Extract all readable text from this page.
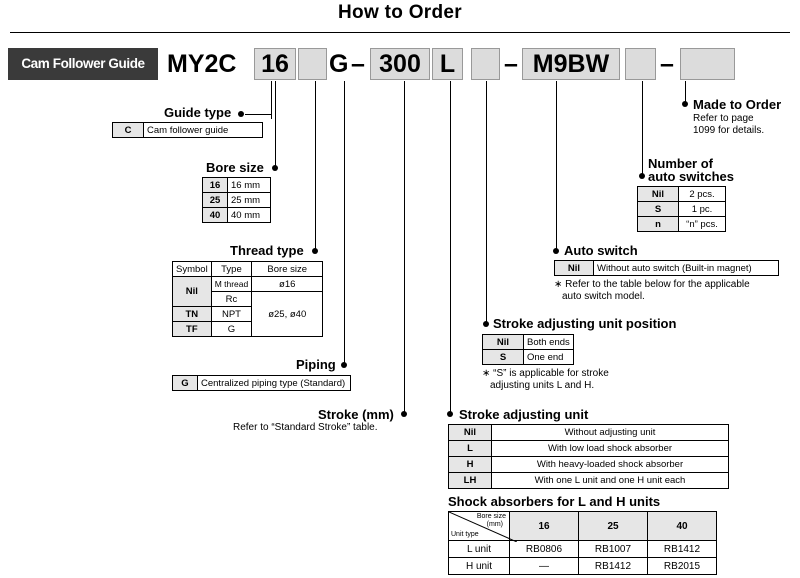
How to Order
Cam Follower Guide Type
MY2C 16 G – 300 L	– M9BW	–
Guide type
C	Cam follower guide
Bore size
16	16 mm
25	25 mm
40	40 mm
Thread type
Symbol	Type	Bore size
Nil	M thread	ø16
	Rc	ø25, ø40
TN	NPT	
TF	G	
Piping
G	Centralized piping type (Standard)
Stroke (mm)
Refer to “Standard Stroke” table.
Made to Order
Refer to page
1099 for details.
Number of
auto switches
Nil	2 pcs.
S	1 pc.
n	“n” pcs.
Auto switch
Nil	Without auto switch (Built-in magnet)
∗ Refer to the table below for the applicable
auto switch model.
Stroke adjusting unit position
Nil	Both ends
S	One end
∗ “S” is applicable for stroke
adjusting units L and H.
Stroke adjusting unit
Nil	Without adjusting unit
L	With low load shock absorber
H	With heavy-loaded shock absorber
LH	With one L unit and one H unit each
Shock absorbers for L and H units
Bore size
(mm)
Unit type	16	25	40
L unit	RB0806	RB1007	RB1412
H unit	—	RB1412	RB2015
